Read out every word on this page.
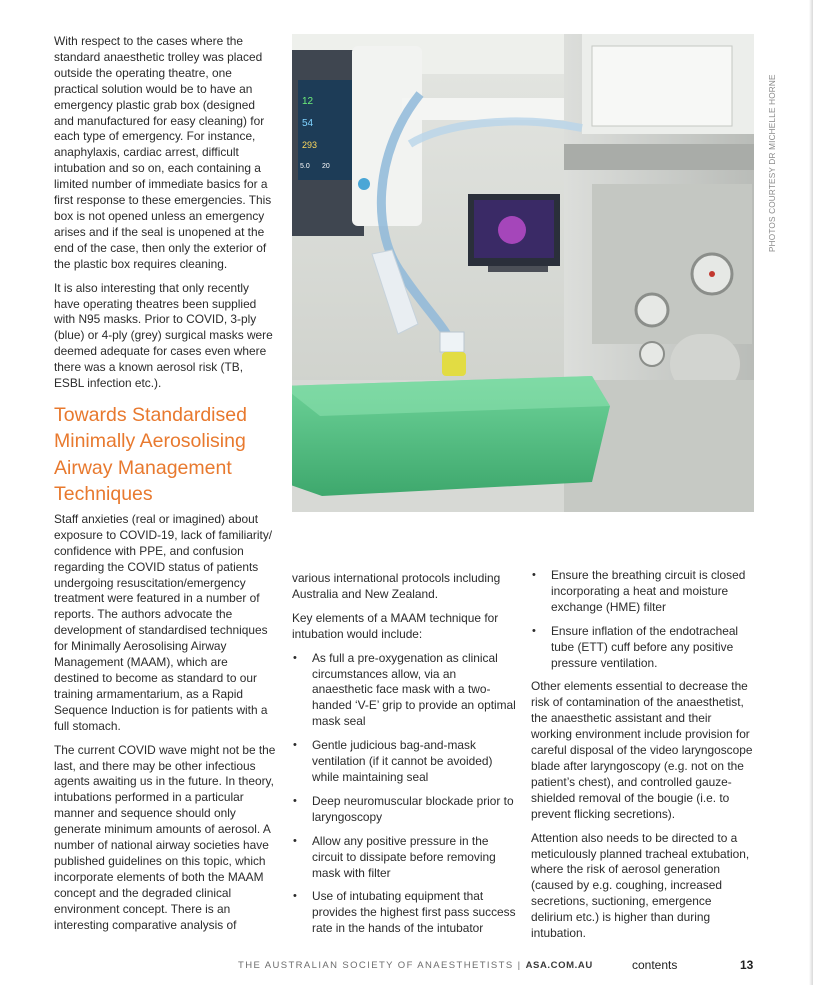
With respect to the cases where the standard anaesthetic trolley was placed outside the operating theatre, one practical solution would be to have an emergency plastic grab box (designed and manufactured for easy cleaning) for each type of emergency. For instance, anaphylaxis, cardiac arrest, difficult intubation and so on, each containing a limited number of immediate basics for a first response to these emergencies. This box is not opened unless an emergency arises and if the seal is unopened at the end of the case, then only the exterior of the plastic box requires cleaning.

It is also interesting that only recently have operating theatres been supplied with N95 masks. Prior to COVID, 3-ply (blue) or 4-ply (grey) surgical masks were deemed adequate for cases even where there was a known aerosol risk (TB, ESBL infection etc.).

Towards Standardised Minimally Aerosolising Airway Management Techniques

Staff anxieties (real or imagined) about exposure to COVID-19, lack of familiarity/ confidence with PPE, and confusion regarding the COVID status of patients undergoing resuscitation/emergency treatment were featured in a number of reports. The authors advocate the development of standardised techniques for Minimally Aerosolising Airway Management (MAAM), which are destined to become as standard to our training armamentarium, as a Rapid Sequence Induction is for patients with a full stomach.

The current COVID wave might not be the last, and there may be other infectious agents awaiting us in the future. In theory, intubations performed in a particular manner and sequence should only generate minimum amounts of aerosol. A number of national airway societies have published guidelines on this topic, which incorporate elements of both the MAAM concept and the degraded clinical environment concept. There is an interesting comparative analysis of

12
54
293
20
5.0	PHOTOS COURTESY DR MICHELLE HORNE

various international protocols including Australia and New Zealand.

Key elements of a MAAM technique for intubation would include:

• As full a pre-oxygenation as clinical circumstances allow, via an anaesthetic face mask with a two-handed ‘V-E’ grip to provide an optimal mask seal
• Gentle judicious bag-and-mask ventilation (if it cannot be avoided) while maintaining seal
• Deep neuromuscular blockade prior to laryngoscopy
• Allow any positive pressure in the circuit to dissipate before removing mask with filter
• Use of intubating equipment that provides the highest first pass success rate in the hands of the intubator
• Ensure the breathing circuit is closed incorporating a heat and moisture exchange (HME) filter
• Ensure inflation of the endotracheal tube (ETT) cuff before any positive pressure ventilation.

Other elements essential to decrease the risk of contamination of the anaesthetist, the anaesthetic assistant and their working environment include provision for careful disposal of the video laryngoscope blade after laryngoscopy (e.g. not on the patient’s chest), and controlled gauze-shielded removal of the bougie (i.e. to prevent flicking secretions).

Attention also needs to be directed to a meticulously planned tracheal extubation, where the risk of aerosol generation (caused by e.g. coughing, increased secretions, suctioning, emergence delirium etc.) is higher than during intubation.

THE AUSTRALIAN SOCIETY OF ANAESTHETISTS | ASA.COM.AU	contents	13
